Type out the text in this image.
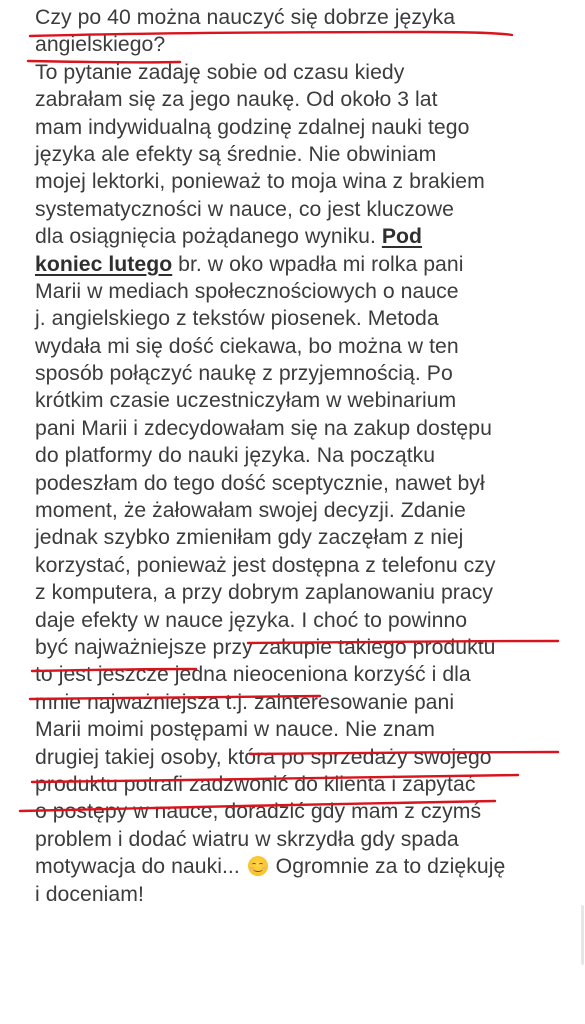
Czy po 40 można nauczyć się dobrze języka
angielskiego?
To pytanie zadaję sobie od czasu kiedy
zabrałam się za jego naukę. Od około 3 lat
mam indywidualną godzinę zdalnej nauki tego
języka ale efekty są średnie. Nie obwiniam
mojej lektorki, ponieważ to moja wina z brakiem
systematyczności w nauce, co jest kluczowe
dla osiągnięcia pożądanego wyniku. Pod
koniec lutego br. w oko wpadła mi rolka pani
Marii w mediach społecznościowych o nauce
j. angielskiego z tekstów piosenek. Metoda
wydała mi się dość ciekawa, bo można w ten
sposób połączyć naukę z przyjemnością. Po
krótkim czasie uczestniczyłam w webinarium
pani Marii i zdecydowałam się na zakup dostępu
do platformy do nauki języka. Na początku
podeszłam do tego dość sceptycznie, nawet był
moment, że żałowałam swojej decyzji. Zdanie
jednak szybko zmieniłam gdy zaczęłam z niej
korzystać, ponieważ jest dostępna z telefonu czy
z komputera, a przy dobrym zaplanowaniu pracy
daje efekty w nauce języka. I choć to powinno
być najważniejsze przy zakupie takiego produktu
to jest jeszcze jedna nieoceniona korzyść i dla
mnie najważniejsza t.j. zainteresowanie pani
Marii moimi postępami w nauce. Nie znam
drugiej takiej osoby, która po sprzedaży swojego
produktu potrafi zadzwonić do klienta i zapytać
o postępy w nauce, doradzić gdy mam z czymś
problem i dodać wiatru w skrzydła gdy spada
motywacja do nauki...
Ogromnie za to dziękuję
i doceniam!
